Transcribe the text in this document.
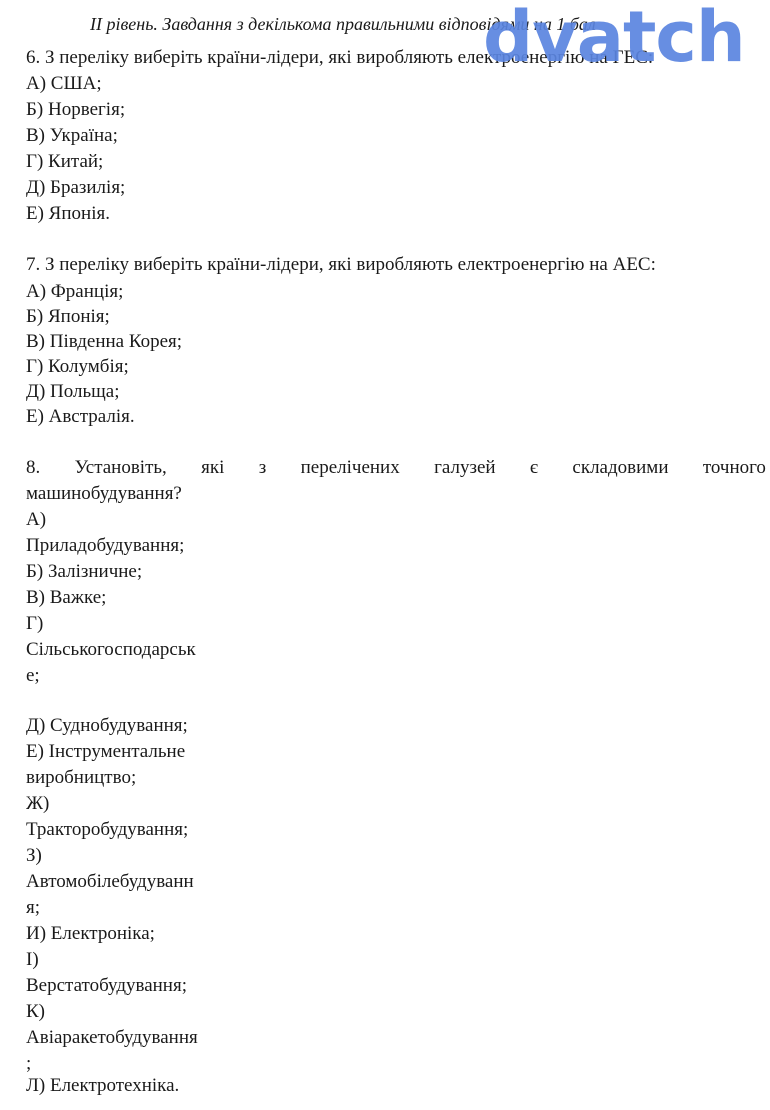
II рівень. Завдання з декількома правильними відповідями на 1 бал
6. З переліку виберіть країни-лідери, які виробляють електроенергію на ГЕС:
А) США;
Б) Норвегія;
В) Україна;
Г) Китай;
Д) Бразилія;
Е) Японія.
7. З переліку виберіть країни-лідери, які виробляють електроенергію на АЕС:
А) Франція;
Б) Японія;
В) Південна Корея;
Г) Колумбія;
Д) Польща;
Е) Австралія.
8. Установіть, які з перелічених галузей є складовими точного
машинобудування?
А)
Приладобудування;
Б) Залізничне;
В) Важке;
Г)
Сільськогосподарськ
е;
Д) Суднобудування;
Е) Інструментальне
виробництво;
Ж)
Тракторобудування;
З)
Автомобілебудуванн
я;
И) Електроніка;
І)
Верстатобудування;
К)
Авіаракетобудування
;
Л) Електротехніка.
dvatch
